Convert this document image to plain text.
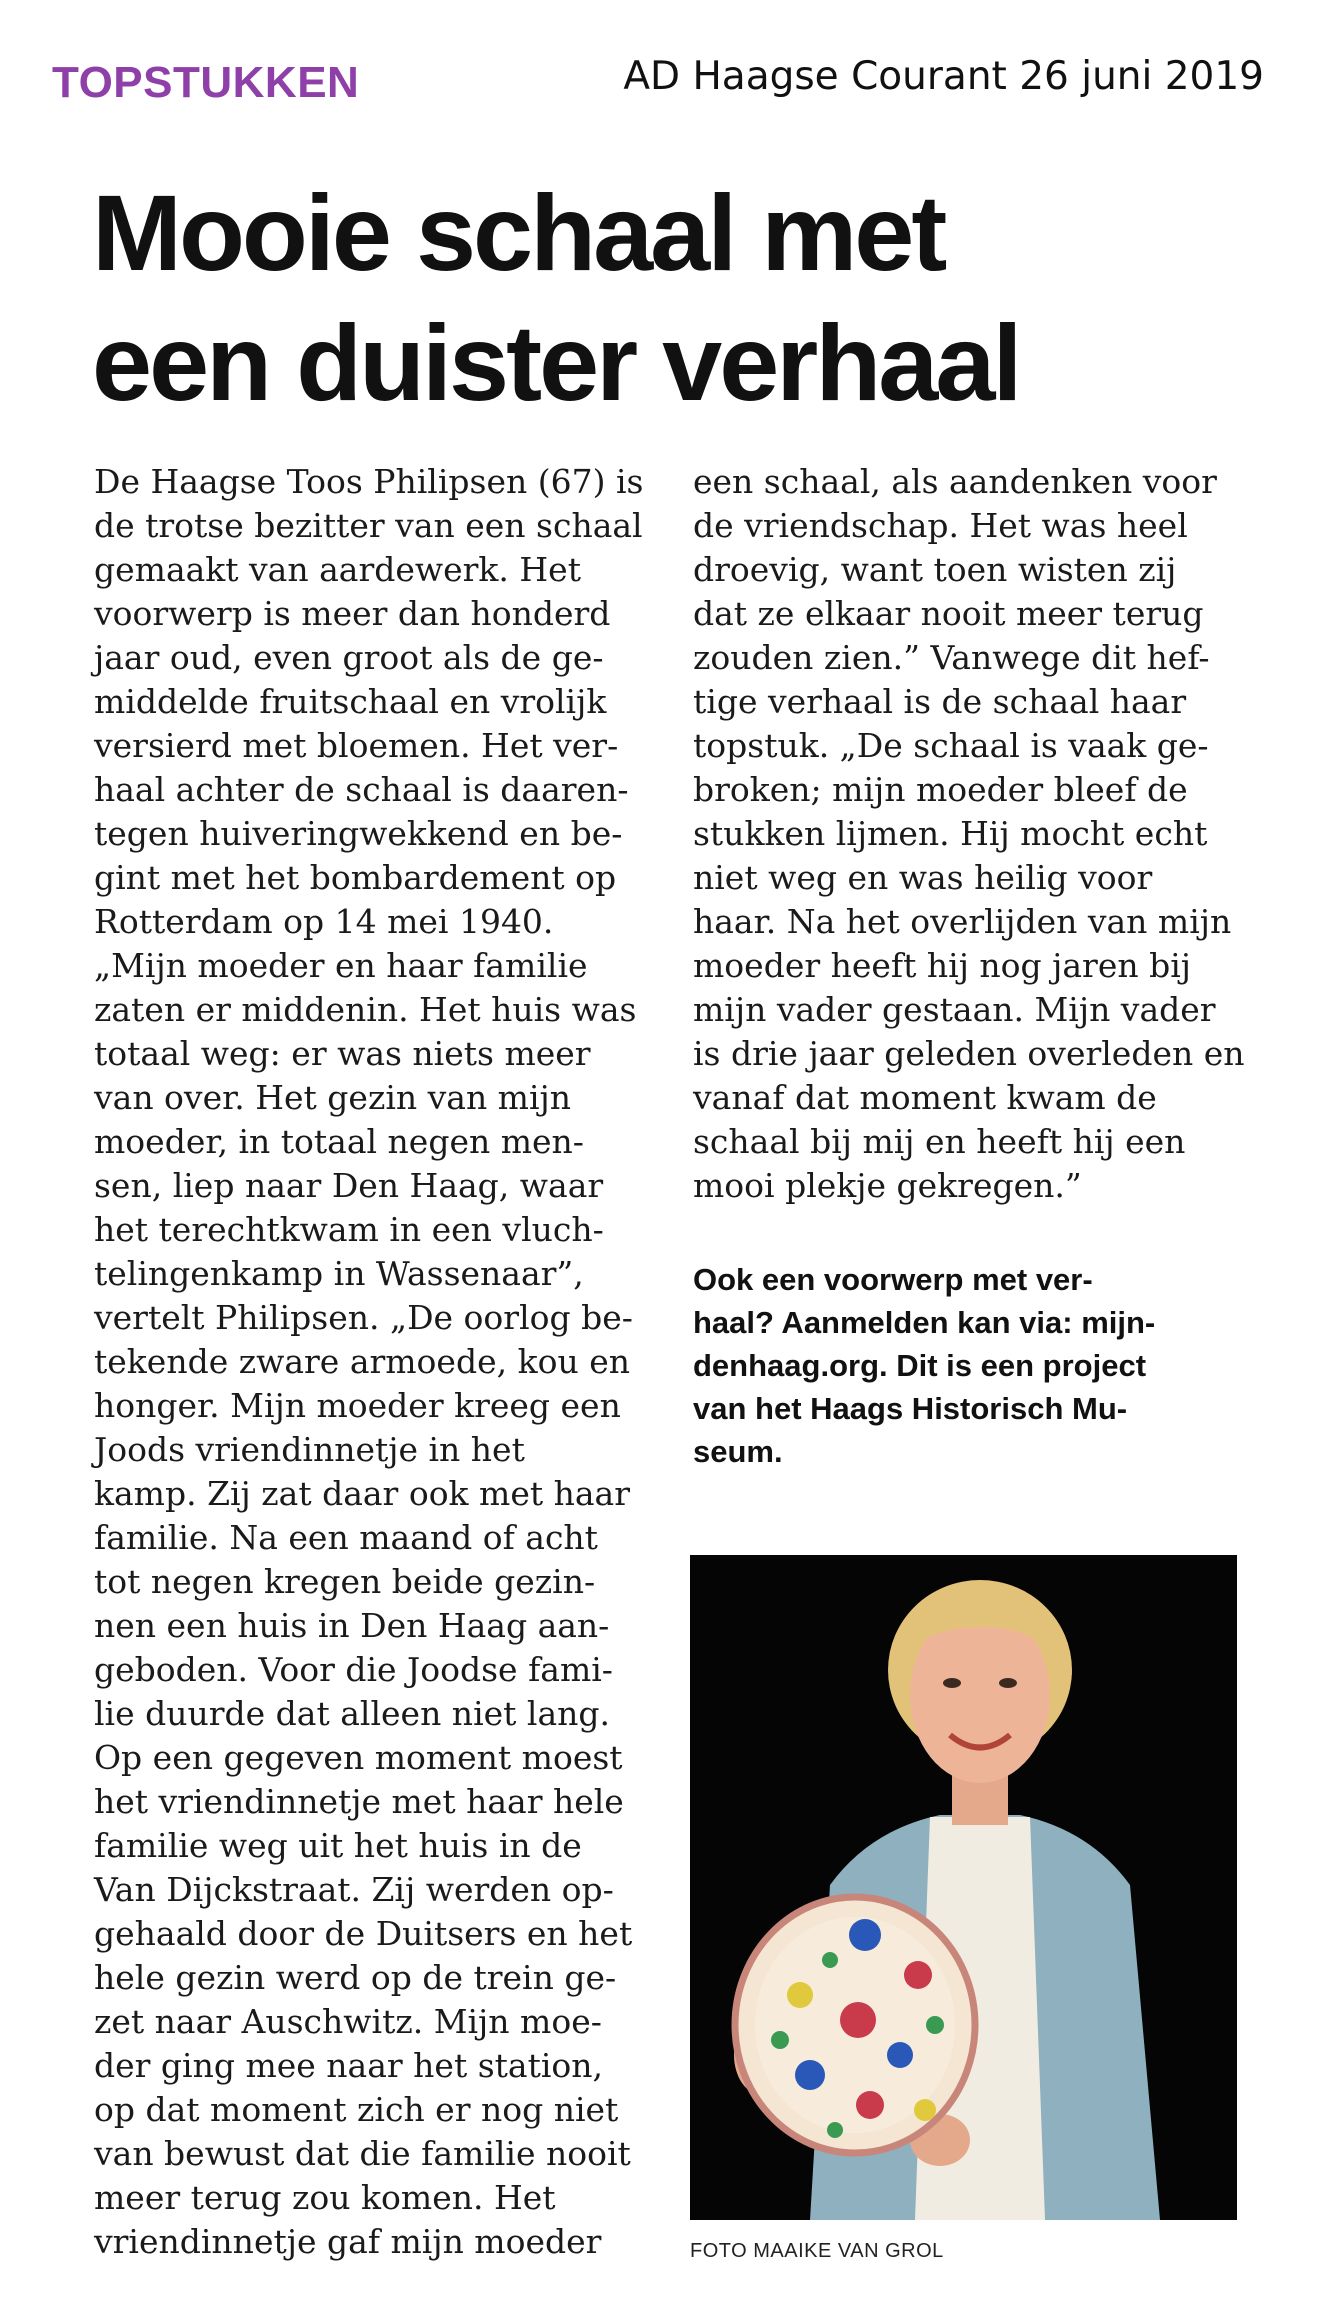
TOPSTUKKEN	AD Haagse Courant 26 juni 2019

Mooie schaal met
een duister verhaal

De Haagse Toos Philipsen (67) is

de trotse bezitter van een schaal

gemaakt van aardewerk. Het

voorwerp is meer dan honderd

jaar oud, even groot als de ge-

middelde fruitschaal en vrolijk

versierd met bloemen. Het ver-

haal achter de schaal is daaren-

tegen huiveringwekkend en be-

gint met het bombardement op

Rotterdam op 14 mei 1940.

„Mijn moeder en haar familie

zaten er middenin. Het huis was

totaal weg: er was niets meer

van over. Het gezin van mijn

moeder, in totaal negen men-

sen, liep naar Den Haag, waar

het terechtkwam in een vluch-

telingenkamp in Wassenaar”,

vertelt Philipsen. „De oorlog be-

tekende zware armoede, kou en

honger. Mijn moeder kreeg een

Joods vriendinnetje in het

kamp. Zij zat daar ook met haar

familie. Na een maand of acht

tot negen kregen beide gezin-

nen een huis in Den Haag aan-

geboden. Voor die Joodse fami-

lie duurde dat alleen niet lang.

Op een gegeven moment moest

het vriendinnetje met haar hele

familie weg uit het huis in de

Van Dijckstraat. Zij werden op-

gehaald door de Duitsers en het

hele gezin werd op de trein ge-

zet naar Auschwitz. Mijn moe-

der ging mee naar het station,

op dat moment zich er nog niet

van bewust dat die familie nooit

meer terug zou komen. Het

vriendinnetje gaf mijn moeder

een schaal, als aandenken voor

de vriendschap. Het was heel

droevig, want toen wisten zij

dat ze elkaar nooit meer terug

zouden zien.” Vanwege dit hef-

tige verhaal is de schaal haar

topstuk. „De schaal is vaak ge-

broken; mijn moeder bleef de

stukken lijmen. Hij mocht echt

niet weg en was heilig voor

haar. Na het overlijden van mijn

moeder heeft hij nog jaren bij

mijn vader gestaan. Mijn vader

is drie jaar geleden overleden en

vanaf dat moment kwam de

schaal bij mij en heeft hij een

mooi plekje gekregen.”

Ook een voorwerp met ver-
haal? Aanmelden kan via: mijn-
denhaag.org. Dit is een project
van het Haags Historisch Mu-
seum.

FOTO MAAIKE VAN GROL
